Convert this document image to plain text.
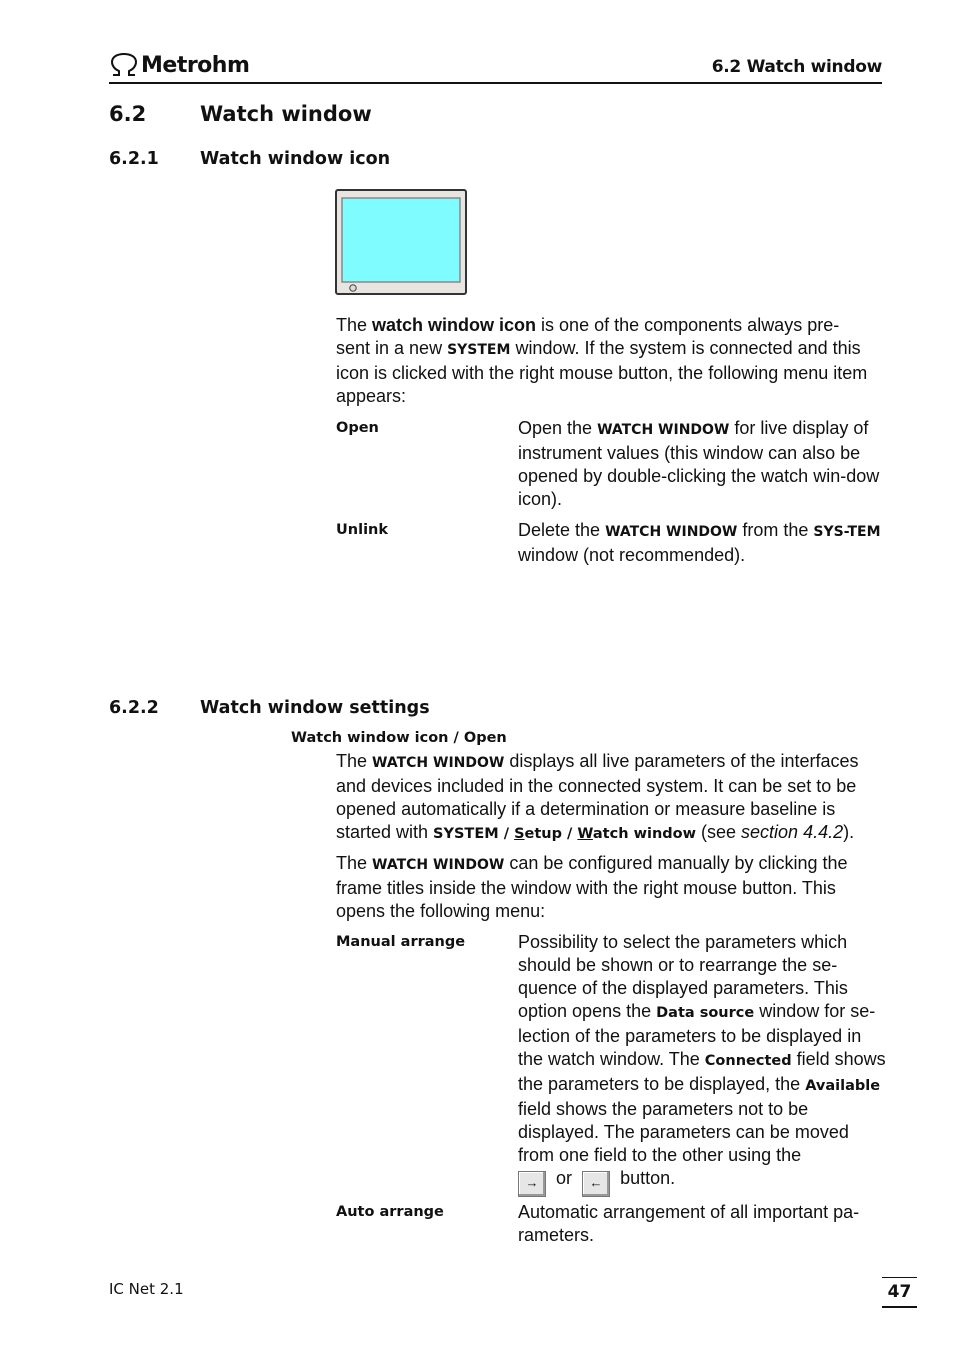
Metrohm	6.2 Watch window
6.2	Watch window
6.2.1 Watch window icon
The watch window icon is one of the components always pre-sent in a new SYSTEM window. If the system is connected and this icon is clicked with the right mouse button, the following menu item appears:
Open	Open the WATCH WINDOW for live display of instrument values (this window can also be opened by double-clicking the watch win-dow icon).
Unlink	Delete the WATCH WINDOW from the SYS-TEM window (not recommended).
6.2.2 Watch window settings
Watch window icon / Open
The WATCH WINDOW displays all live parameters of the interfaces and devices included in the connected system. It can be set to be opened automatically if a determination or measure baseline is started with SYSTEM / Setup / Watch window (see section 4.4.2).
The WATCH WINDOW can be configured manually by clicking the frame titles inside the window with the right mouse button. This opens the following menu:
Manual arrange	Possibility to select the parameters which should be shown or to rearrange the se-quence of the displayed parameters. This option opens the Data source window for se-lection of the parameters to be displayed in the watch window. The Connected field shows the parameters to be displayed, the Available field shows the parameters not to be displayed. The parameters can be moved from one field to the other using the
→ or ← button.
Auto arrange	Automatic arrangement of all important pa-rameters.
IC Net 2.1	47
